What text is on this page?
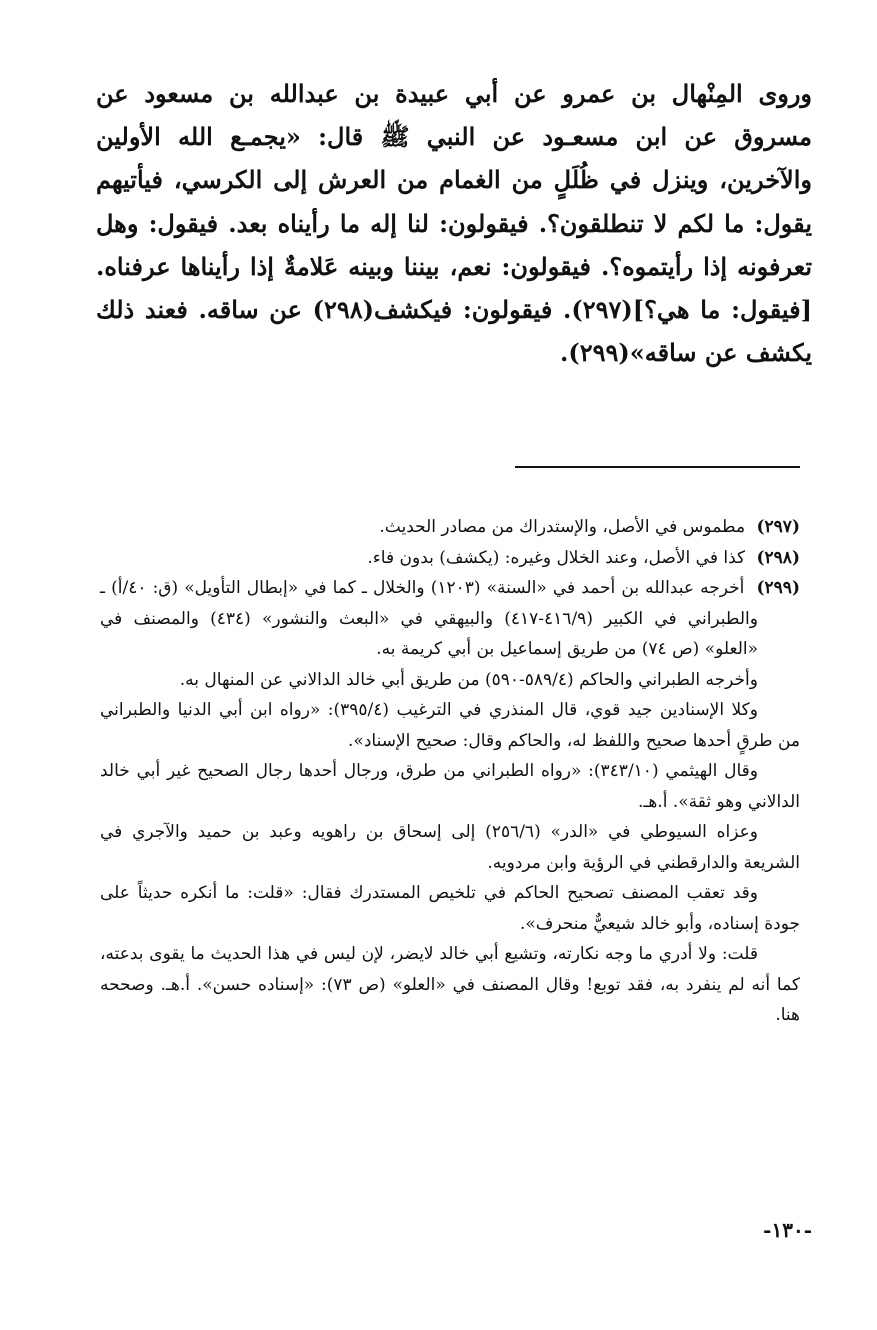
وروى المِنْهال بن عمرو عن أبي عبيدة بن عبدالله بن مسعود عن مسروق عن ابن مسعـود عن النبي ﷺ قال: «يجمـع الله الأولين والآخرين، وينزل في ظُلَلٍ من الغمام من العرش إلى الكرسي، فيأتيهم يقول: ما لكم لا تنطلقون؟. فيقولون: لنا إله ما رأيناه بعد. فيقول: وهل تعرفونه إذا رأيتموه؟. فيقولون: نعم، بيننا وبينه عَلامةٌ إذا رأيناها عرفناه. [فيقول: ما هي؟](٢٩٧). فيقولون: فيكشف(٢٩٨) عن ساقه. فعند ذلك يكشف عن ساقه»(٢٩٩).

(٢٩٧) مطموس في الأصل، والإستدراك من مصادر الحديث.

(٢٩٨) كذا في الأصل، وعند الخلال وغيره: (يكشف) بدون فاء.

(٢٩٩) أخرجه عبدالله بن أحمد في «السنة» (١٢٠٣) والخلال ـ كما في «إبطال التأويل» (ق: ٤٠/أ) ـ والطبراني في الكبير (٤١٦/٩-٤١٧) والبيهقي في «البعث والنشور» (٤٣٤) والمصنف في «العلو» (ص ٧٤) من طريق إسماعيل بن أبي كريمة به.

وأخرجه الطبراني والحاكم (٥٨٩/٤-٥٩٠) من طريق أبي خالد الدالاني عن المنهال به.

وكلا الإسنادين جيد قوي، قال المنذري في الترغيب (٣٩٥/٤): «رواه ابن أبي الدنيا والطبراني من طرقٍ أحدها صحيح واللفظ له، والحاكم وقال: صحيح الإسناد».

وقال الهيثمي (٣٤٣/١٠): «رواه الطبراني من طرق، ورجال أحدها رجال الصحيح غير أبي خالد الدالاني وهو ثقة». أ.هـ.

وعزاه السيوطي في «الدر» (٢٥٦/٦) إلى إسحاق بن راهويه وعبد بن حميد والآجري في الشريعة والدارقطني في الرؤية وابن مردويه.

وقد تعقب المصنف تصحيح الحاكم في تلخيص المستدرك فقال: «قلت: ما أنكره حديثاً على جودة إسناده، وأبو خالد شيعيٌّ منحرف».

قلت: ولا أدري ما وجه نكارته، وتشيع أبي خالد لايضر، لإن ليس في هذا الحديث ما يقوى بدعته، كما أنه لم ينفرد به، فقد توبع! وقال المصنف في «العلو» (ص ٧٣): «إسناده حسن». أ.هـ. وصححه هنا.

-١٣٠-
